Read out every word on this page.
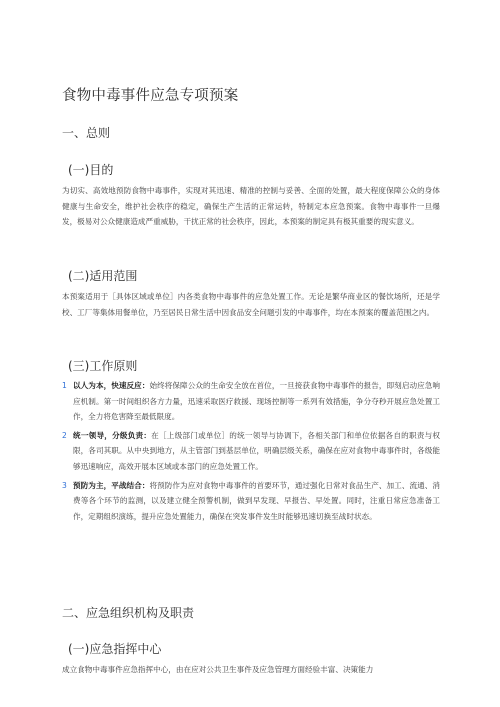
食物中毒事件应急专项预案
一、总则
(一)目的

为切实、高效地预防食物中毒事件，实现对其迅速、精准的控制与妥善、全面的处置，最大程度保障公众的身体健康与生命安全，维护社会秩序的稳定，确保生产生活的正常运转，特制定本应急预案。食物中毒事件一旦爆发，极易对公众健康造成严重威胁，干扰正常的社会秩序，因此，本预案的制定具有极其重要的现实意义。

(二)适用范围

本预案适用于［具体区域或单位］内各类食物中毒事件的应急处置工作。无论是繁华商业区的餐饮场所，还是学校、工厂等集体用餐单位，乃至居民日常生活中因食品安全问题引发的中毒事件，均在本预案的覆盖范围之内。

(三)工作原则
1 以人为本，快速反应：始终将保障公众的生命安全放在首位，一旦接获食物中毒事件的报告，即刻启动应急响应机制。第一时间组织各方力量，迅速采取医疗救援、现场控制等一系列有效措施，争分夺秒开展应急处置工作，全力将危害降至最低限度。
2 统一领导，分级负责：在［上级部门或单位］的统一领导与协调下，各相关部门和单位依据各自的职责与权限，各司其职。从中央到地方，从主管部门到基层单位，明确层级关系，确保在应对食物中毒事件时，各级能够迅速响应，高效开展本区域或本部门的应急处置工作。
3 预防为主，平战结合：将预防作为应对食物中毒事件的首要环节，通过强化日常对食品生产、加工、流通、消费等各个环节的监测，以及建立健全预警机制，做到早发现、早报告、早处置。同时，注重日常应急准备工作，定期组织演练，提升应急处置能力，确保在突发事件发生时能够迅速切换至战时状态。
二、应急组织机构及职责
(一)应急指挥中心

成立食物中毒事件应急指挥中心，由在应对公共卫生事件及应急管理方面经验丰富、决策能力
